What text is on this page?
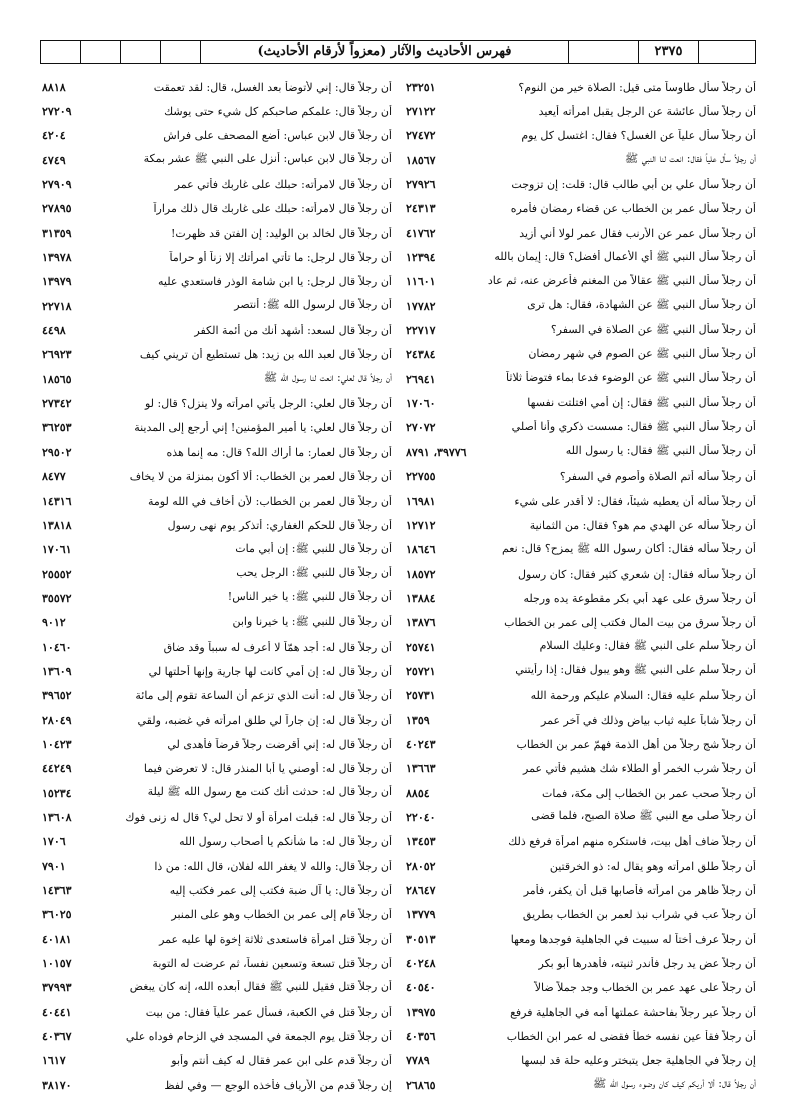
فهرس الأحاديث والآثار (معزواً لأرقام الأحاديث)	٢٣٧٥
أن رجلاً سأل طاوساً متى قيل: الصلاة خير من النوم؟
٢٣٢٥١
أن رجلاً سأل عائشة عن الرجل يقبل امرأته أيعيد
٢٧١٢٢
أن رجلاً سأل علياً عن الغسل؟ فقال: اغتسل كل يوم
٢٧٤٧٢
أن رجلاً سأل علياً فقال: انعت لنا النبي ﷺ
١٨٥٦٧
أن رجلاً سأل علي بن أبي طالب قال: قلت: إن تزوجت
٢٧٩٢٦
أن رجلاً سأل عمر بن الخطاب عن قضاء رمضان فأمره
٢٤٣١٣
أن رجلاً سأل عمر عن الأرنب فقال عمر لولا أني أزيد
٤١٧٦٢
أن رجلاً سأل النبي ﷺ أي الأعمال أفضل؟ قال: إيمان بالله
١٢٣٩٤
أن رجلاً سأل النبي ﷺ عقالاً من المغنم فأعرض عنه، ثم عاد
١١٦٠١
أن رجلاً سأل النبي ﷺ عن الشهادة، فقال: هل ترى
١٧٧٨٢
أن رجلاً سأل النبي ﷺ عن الصلاة في السفر؟
٢٢٧١٧
أن رجلاً سأل النبي ﷺ عن الصوم في شهر رمضان
٢٤٣٨٤
أن رجلاً سأل النبي ﷺ عن الوضوء فدعا بماء فتوضأ ثلاثاً
٢٦٩٤١
أن رجلاً سأل النبي ﷺ فقال: إن أمي افتلتت نفسها
١٧٠٦٠
أن رجلاً سأل النبي ﷺ فقال: مسست ذكري وأنا أصلي
٢٧٠٧٢
أن رجلاً سأل النبي ﷺ فقال: يا رسول الله
٣٩٧٧٦، ٨٧٩١
أن رجلاً سأله أتم الصلاة وأصوم في السفر؟
٢٢٧٥٥
أن رجلاً سأله أن يعطيه شيئاً، فقال: لا أقدر على شيء
١٦٩٨١
أن رجلاً سأله عن الهدي مم هو؟ فقال: من الثمانية
١٢٧١٢
أن رجلاً سأله فقال: أكان رسول الله ﷺ يمزح؟ قال: نعم
١٨٦٤٦
أن رجلاً سأله فقال: إن شعري كثير فقال: كان رسول
١٨٥٧٢
أن رجلاً سرق على عهد أبي بكر مقطوعة يده ورجله
١٣٨٨٤
أن رجلاً سرق من بيت المال فكتب إلى عمر بن الخطاب
١٣٨٧٦
أن رجلاً سلم على النبي ﷺ فقال: وعليك السلام
٢٥٧٤١
أن رجلاً سلم على النبي ﷺ وهو يبول فقال: إذا رأيتني
٢٥٧٢١
أن رجلاً سلم عليه فقال: السلام عليكم ورحمة الله
٢٥٧٣١
أن رجلاً شاباً عليه ثياب بياض وذلك في آخر عمر
١٣٥٩
أن رجلاً شج رجلاً من أهل الذمة فهمّ عمر بن الخطاب
٤٠٢٤٣
أن رجلاً شرب الخمر أو الطلاء شك هشيم فأتي عمر
١٣٦٦٣
أن رجلاً صحب عمر بن الخطاب إلى مكة، فمات
٨٨٥٤
أن رجلاً صلى مع النبي ﷺ صلاة الصبح، فلما قضى
٢٢٠٤٠
أن رجلاً ضاف أهل بيت، فاستكره منهم امرأة فرفع ذلك
١٣٤٥٣
أن رجلاً طلق امرأته وهو يقال له: ذو الخرقتين
٢٨٠٥٢
أن رجلاً ظاهر من امرأته فأصابها قبل أن يكفر، فأمر
٢٨٦٤٧
أن رجلاً عب في شراب نبذ لعمر بن الخطاب بطريق
١٣٧٧٩
أن رجلاً عرف أختاً له سبيت في الجاهلية فوجدها ومعها
٣٠٥١٣
أن رجلاً عض يد رجل فأندر ثنيته، فأهدرها أبو بكر
٤٠٢٤٨
أن رجلاً على عهد عمر بن الخطاب وجد جملاً ضالاً
٤٠٥٤٠
أن رجلاً عير رجلاً بفاحشة عملتها أمه في الجاهلية فرفع
١٣٩٧٥
أن رجلاً فقأ عين نفسه خطأ فقضى له عمر ابن الخطاب
٤٠٣٥٦
إن رجلاً في الجاهلية جعل يتبختر وعليه حلة قد لبسها
٧٧٨٩
أن رجلاً قال: ألا أريكم كيف كان وضوء رسول الله ﷺ
٢٦٨٦٥
أن رجلاً قال: إني لأتوضأ بعد الغسل، قال: لقد تعمقت
٨٨١٨
أن رجلاً قال: علمكم صاحبكم كل شيء حتى يوشك
٢٧٢٠٩
أن رجلاً قال لابن عباس: أضع المصحف على فراش
٤٢٠٤
أن رجلاً قال لابن عباس: أنزل على النبي ﷺ عشر بمكة
٤٧٤٩
أن رجلاً قال لامرأته: حبلك على غاربك فأتي عمر
٢٧٩٠٩
أن رجلاً قال لامرأته: حبلك على غاربك قال ذلك مراراً
٢٧٨٩٥
أن رجلاً قال لخالد بن الوليد: إن الفتن قد ظهرت!
٣١٣٥٩
أن رجلاً قال لرجل: ما تأتي امرأتك إلا زناً أو حراماً
١٣٩٧٨
أن رجلاً قال لرجل: يا ابن شامة الوذر فاستعدي عليه
١٣٩٧٩
أن رجلاً قال لرسول الله ﷺ: أنتصر
٢٢٧١٨
أن رجلاً قال لسعد: أشهد أنك من أئمة الكفر
٤٤٩٨
أن رجلاً قال لعبد الله بن زيد: هل تستطيع أن تريني كيف
٢٦٩٢٣
أن رجلاً قال لعلي: انعت لنا رسول الله ﷺ
١٨٥٦٥
أن رجلاً قال لعلي: الرجل يأتي امرأته ولا ينزل؟ قال: لو
٢٧٣٤٢
أن رجلاً قال لعلي: يا أمير المؤمنين! إني أرجع إلى المدينة
٣٦٢٥٣
أن رجلاً قال لعمار: ما أراك الله؟ قال: مه إنما هذه
٢٩٥٠٢
أن رجلاً قال لعمر بن الخطاب: ألا أكون بمنزلة من لا يخاف
٨٤٧٧
أن رجلاً قال لعمر بن الخطاب: لأن أخاف في الله لومة
١٤٣١٦
أن رجلاً قال للحكم الغفاري: أتذكر يوم نهى رسول
١٣٨١٨
أن رجلاً قال للنبي ﷺ: إن أبي مات
١٧٠٦١
أن رجلاً قال للنبي ﷺ: الرجل يحب
٢٥٥٥٢
أن رجلاً قال للنبي ﷺ: يا خير الناس!
٣٥٥٧٢
أن رجلاً قال للنبي ﷺ: يا خيرنا وابن
٩٠١٢
أن رجلاً قال له: أجد همّاً لا أعرف له سبباً وقد ضاق
١٠٤٦٠
أن رجلاً قال له: إن أمي كانت لها جارية وإنها أحلتها لي
١٣٦٠٩
أن رجلاً قال له: أنت الذي تزعم أن الساعة تقوم إلى مائة
٣٩٦٥٢
أن رجلاً قال له: إن جاراً لي طلق امرأته في غضبه، ولقي
٢٨٠٤٩
أن رجلاً قال له: إني أقرضت رجلاً قرضاً فأهدى لي
١٠٤٢٣
أن رجلاً قال له: أوصني يا أبا المنذر قال: لا تعرضن فيما
٤٤٢٤٩
أن رجلاً قال له: حدثت أنك كنت مع رسول الله ﷺ ليلة
١٥٢٣٤
أن رجلاً قال له: قبلت امرأة أو لا تحل لي؟ قال له زنى فوك
١٣٦٠٨
أن رجلاً قال له: ما شأنكم يا أصحاب رسول الله
١٧٠٦
أن رجلاً قال: والله لا يغفر الله لفلان، قال الله: من ذا
٧٩٠١
أن رجلاً قال: يا آل ضبة فكتب إلى عمر فكتب إليه
١٤٣٦٣
أن رجلاً قام إلى عمر بن الخطاب وهو على المنبر
٣٦٠٢٥
أن رجلاً قتل امرأة فاستعدى ثلاثة إخوة لها عليه عمر
٤٠١٨١
أن رجلاً قتل تسعة وتسعين نفساً، ثم عرضت له التوبة
١٠١٥٧
أن رجلاً قتل فقيل للنبي ﷺ فقال أبعده الله، إنه كان يبغض
٣٧٩٩٣
أن رجلاً قتل في الكعبة، فسأل عمر علياً فقال: من بيت
٤٠٤٤١
أن رجلاً قتل يوم الجمعة في المسجد في الزحام فوداه علي
٤٠٣٦٧
أن رجلاً قدم على ابن عمر فقال له كيف أنتم وأبو
١٦١٧
إن رجلاً قدم من الأرياف فأخذه الوجع — وفي لفظ
٣٨١٧٠
